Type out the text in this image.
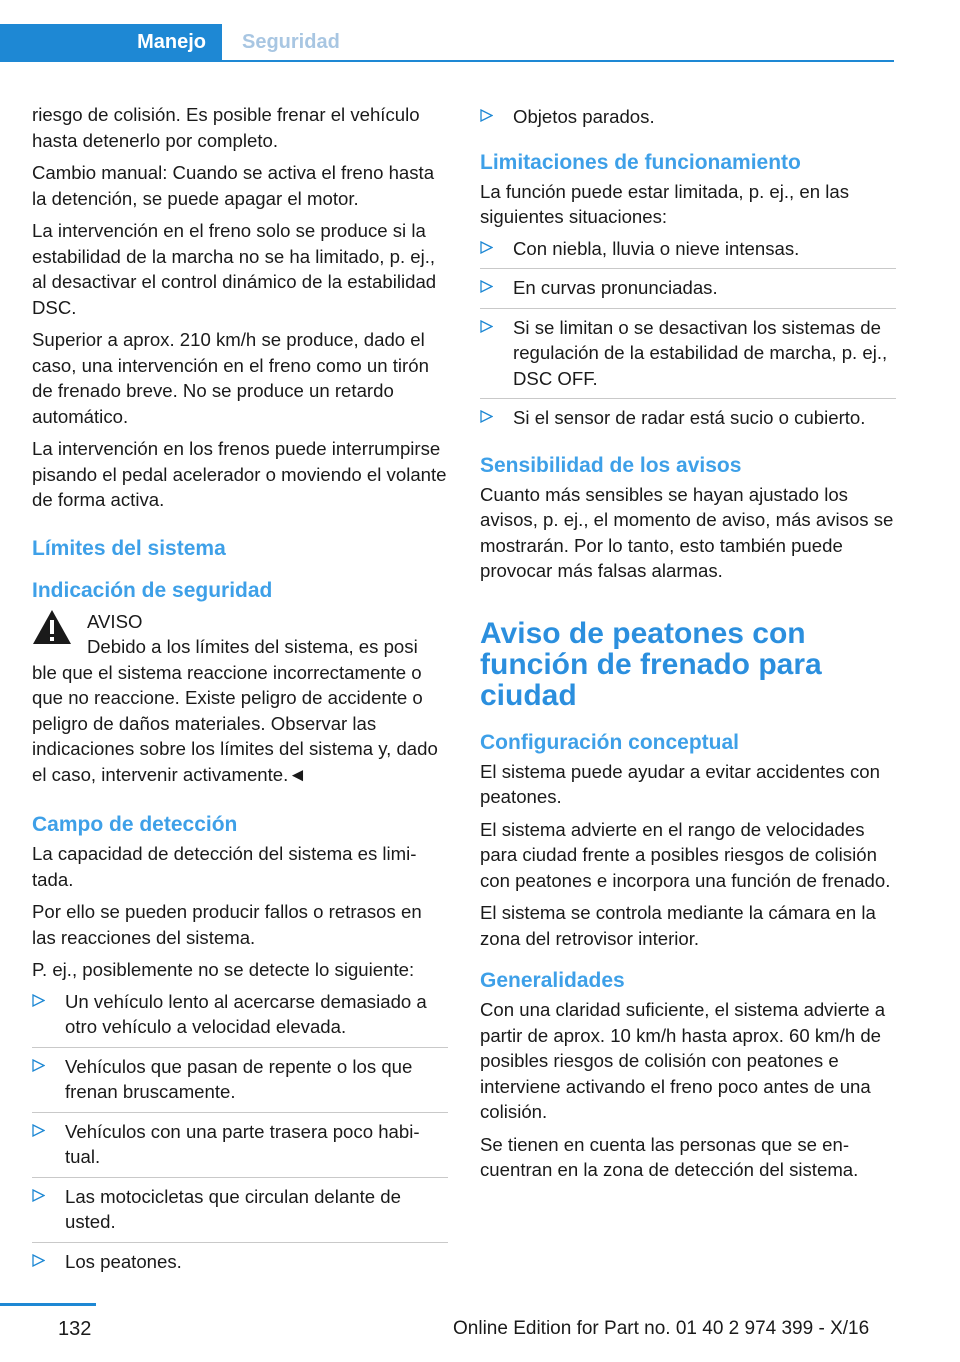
Manejo	Seguridad

riesgo de colisión. Es posible frenar el vehículo hasta detenerlo por completo.

Cambio manual: Cuando se activa el freno hasta la detención, se puede apagar el motor.

La intervención en el freno solo se produce si la estabilidad de la marcha no se ha limitado, p. ej., al desactivar el control dinámico de la estabilidad DSC.

Superior a aprox. 210 km/h se produce, dado el caso, una intervención en el freno como un tirón de frenado breve. No se produce un retardo automático.

La intervención en los frenos puede interrumpirse pisando el pedal acelerador o moviendo el volante de forma activa.

Límites del sistema
Indicación de seguridad
AVISO
Debido a los límites del sistema, es posi
ble que el sistema reaccione incorrectamente o que no reaccione. Existe peligro de accidente o peligro de daños materiales. Observar las indicaciones sobre los límites del sistema y, dado el caso, intervenir activamente.◄
Campo de detección

La capacidad de detección del sistema es limitada.

Por ello se pueden producir fallos o retrasos en las reacciones del sistema.

P. ej., posiblemente no se detecte lo siguiente:

Un vehículo lento al acercarse demasiado a otro vehículo a velocidad elevada.
Vehículos que pasan de repente o los que frenan bruscamente.
Vehículos con una parte trasera poco habitual.
Las motocicletas que circulan delante de usted.
Los peatones.
Objetos parados.
Limitaciones de funcionamiento

La función puede estar limitada, p. ej., en las siguientes situaciones:

Con niebla, lluvia o nieve intensas.
En curvas pronunciadas.
Si se limitan o se desactivan los sistemas de regulación de la estabilidad de marcha, p. ej., DSC OFF.
Si el sensor de radar está sucio o cubierto.
Sensibilidad de los avisos

Cuanto más sensibles se hayan ajustado los avisos, p. ej., el momento de aviso, más avisos se mostrarán. Por lo tanto, esto también puede provocar más falsas alarmas.

Aviso de peatones con función de frenado para ciudad
Configuración conceptual

El sistema puede ayudar a evitar accidentes con peatones.

El sistema advierte en el rango de velocidades para ciudad frente a posibles riesgos de colisión con peatones e incorpora una función de frenado.

El sistema se controla mediante la cámara en la zona del retrovisor interior.

Generalidades

Con una claridad suficiente, el sistema advierte a partir de aprox. 10 km/h hasta aprox. 60 km/h de posibles riesgos de colisión con peatones e interviene activando el freno poco antes de una colisión.

Se tienen en cuenta las personas que se encuentran en la zona de detección del sistema.

132	Online Edition for Part no. 01 40 2 974 399 - X/16
